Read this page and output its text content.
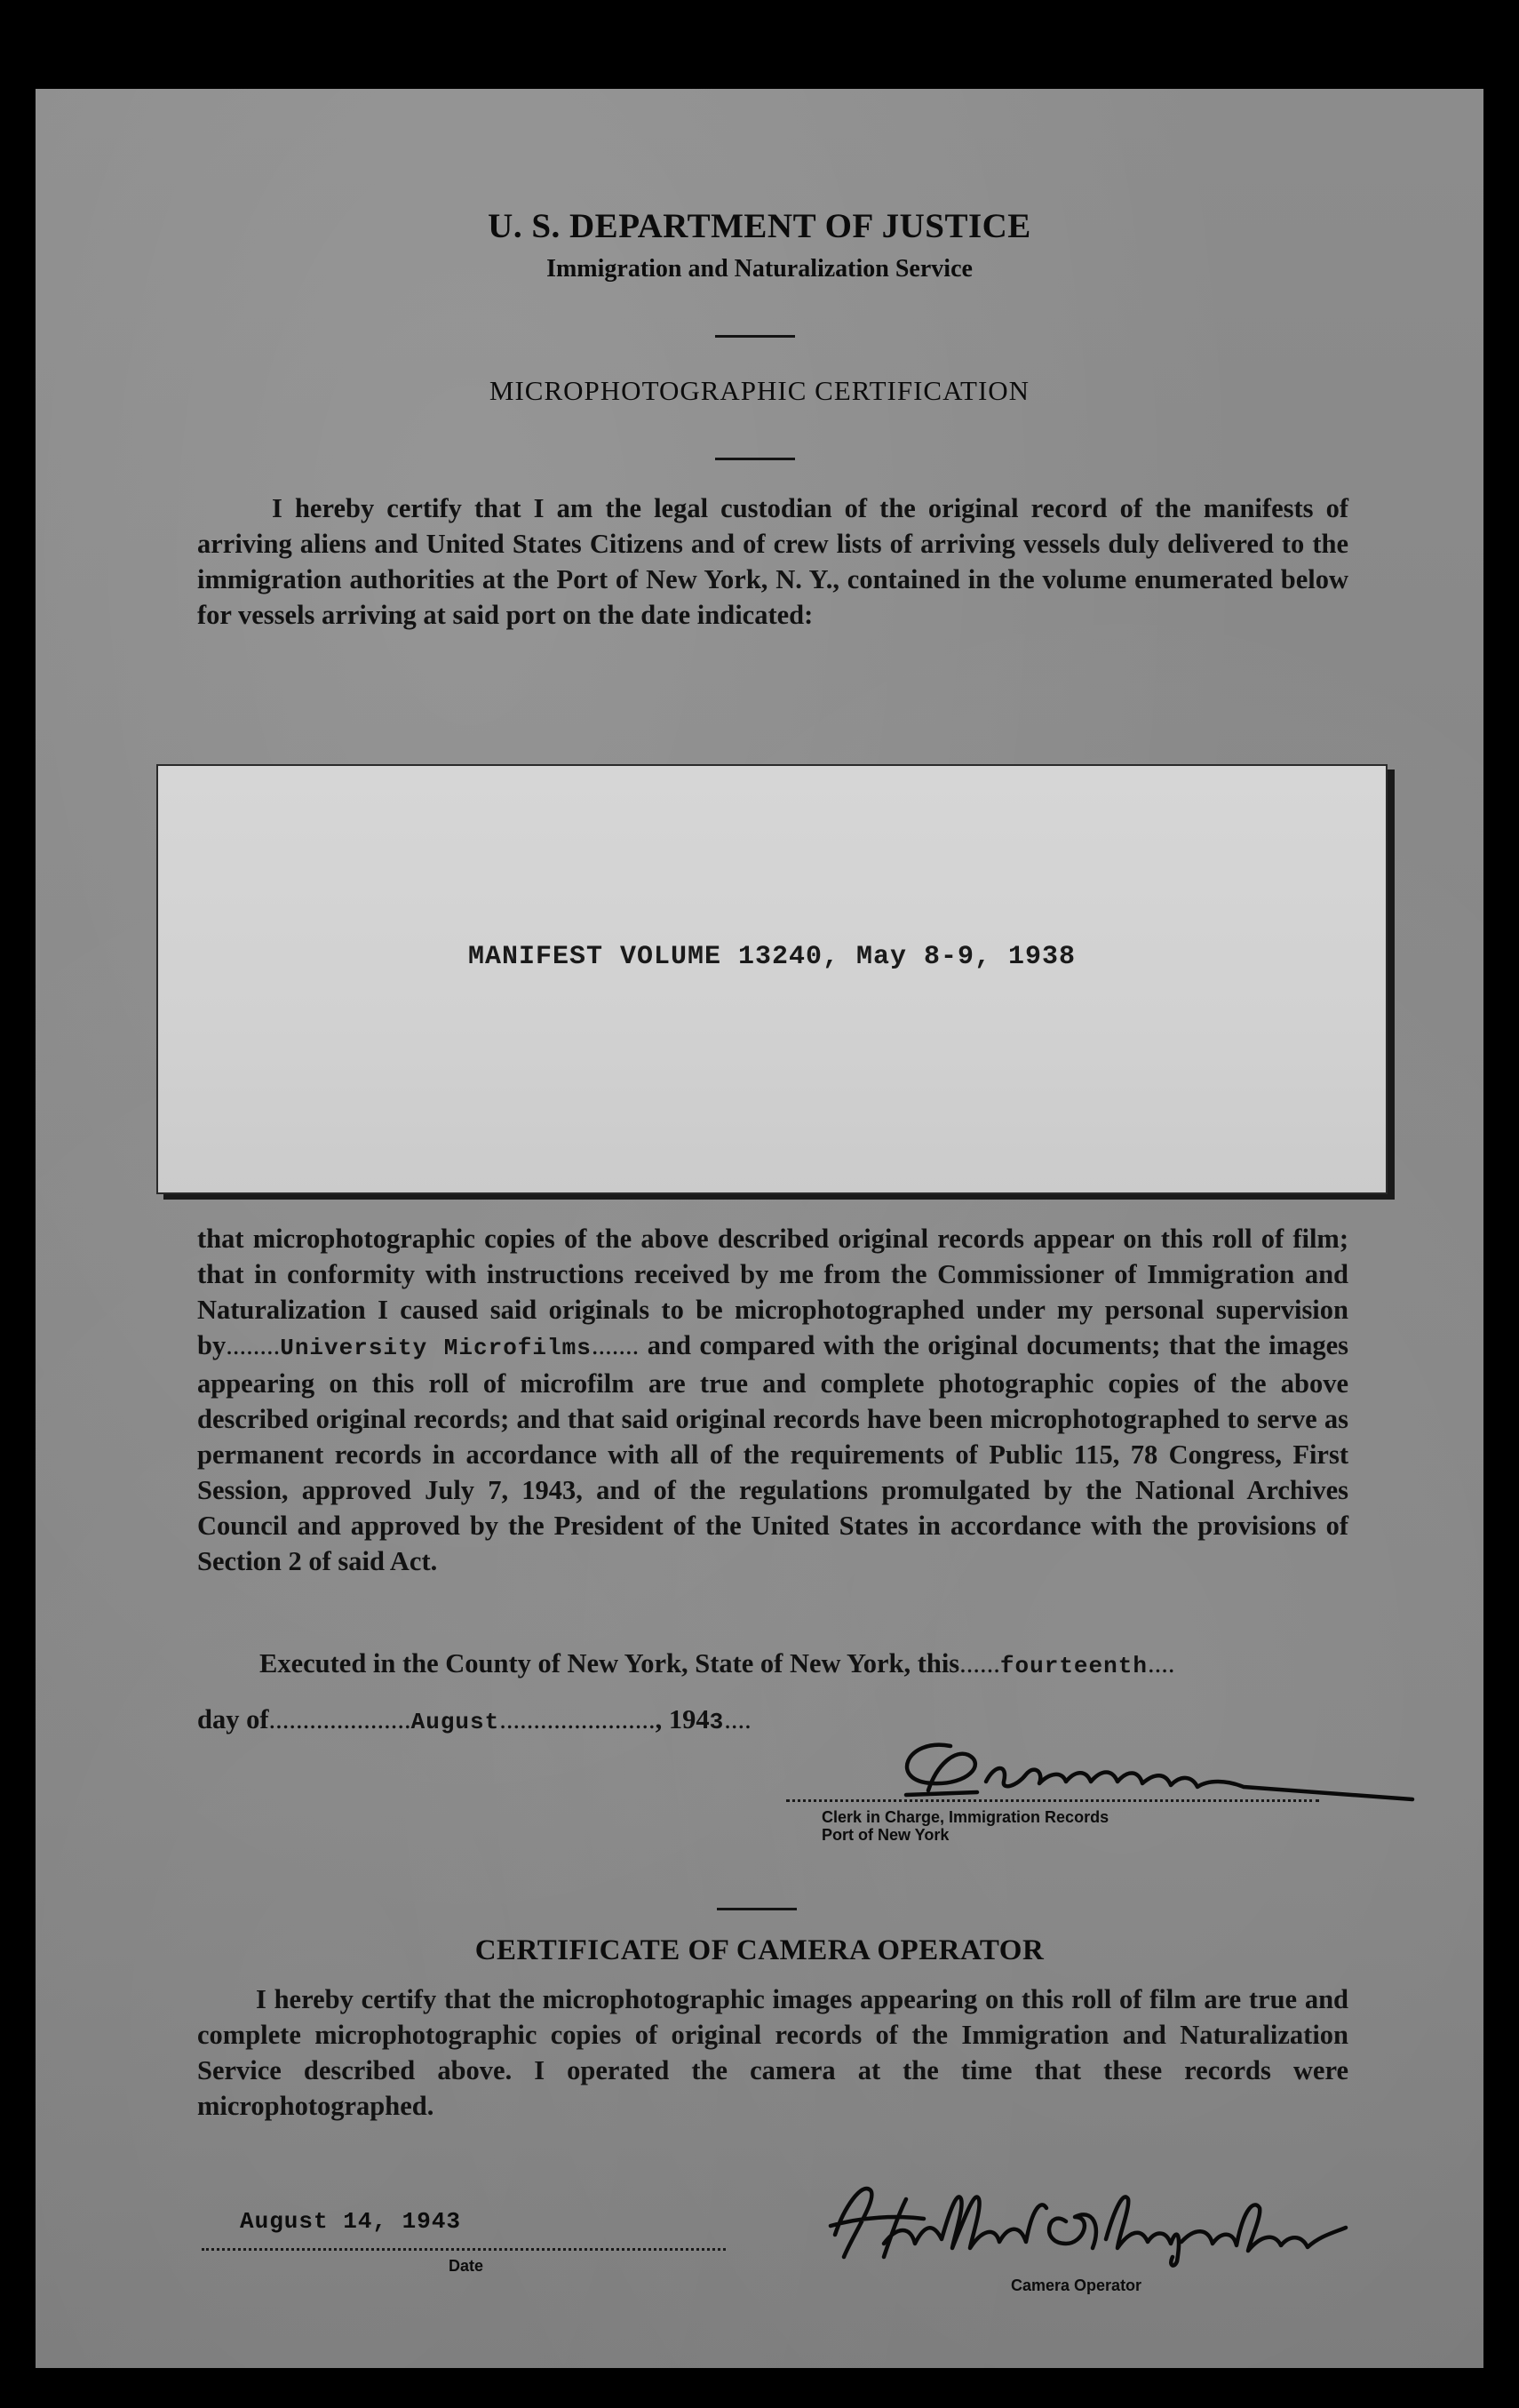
U. S. DEPARTMENT OF JUSTICE
Immigration and Naturalization Service
MICROPHOTOGRAPHIC CERTIFICATION
I hereby certify that I am the legal custodian of the original record of the manifests of arriving aliens and United States Citizens and of crew lists of arriving vessels duly delivered to the immigration authorities at the Port of New York, N. Y., contained in the volume enumerated below for vessels arriving at said port on the date indicated:
MANIFEST VOLUME 13240, May 8-9, 1938
that microphotographic copies of the above described original records appear on this roll of film; that in conformity with instructions received by me from the Commissioner of Immigration and Naturalization I caused said originals to be microphotographed under my personal supervision by........University Microfilms....... and compared with the original documents; that the images appearing on this roll of microfilm are true and complete photographic copies of the above described original records; and that said original records have been microphotographed to serve as permanent records in accordance with all of the requirements of Public 115, 78 Congress, First Session, approved July 7, 1943, and of the regulations promulgated by the National Archives Council and approved by the President of the United States in accordance with the provisions of Section 2 of said Act.
Executed in the County of New York, State of New York, this......fourteenth....
day of.....................August......................., 1943....
Clerk in Charge, Immigration Records
Port of New York
CERTIFICATE OF CAMERA OPERATOR
I hereby certify that the microphotographic images appearing on this roll of film are true and complete microphotographic copies of original records of the Immigration and Naturalization Service described above. I operated the camera at the time that these records were microphotographed.
August 14, 1943
Date
Camera Operator
